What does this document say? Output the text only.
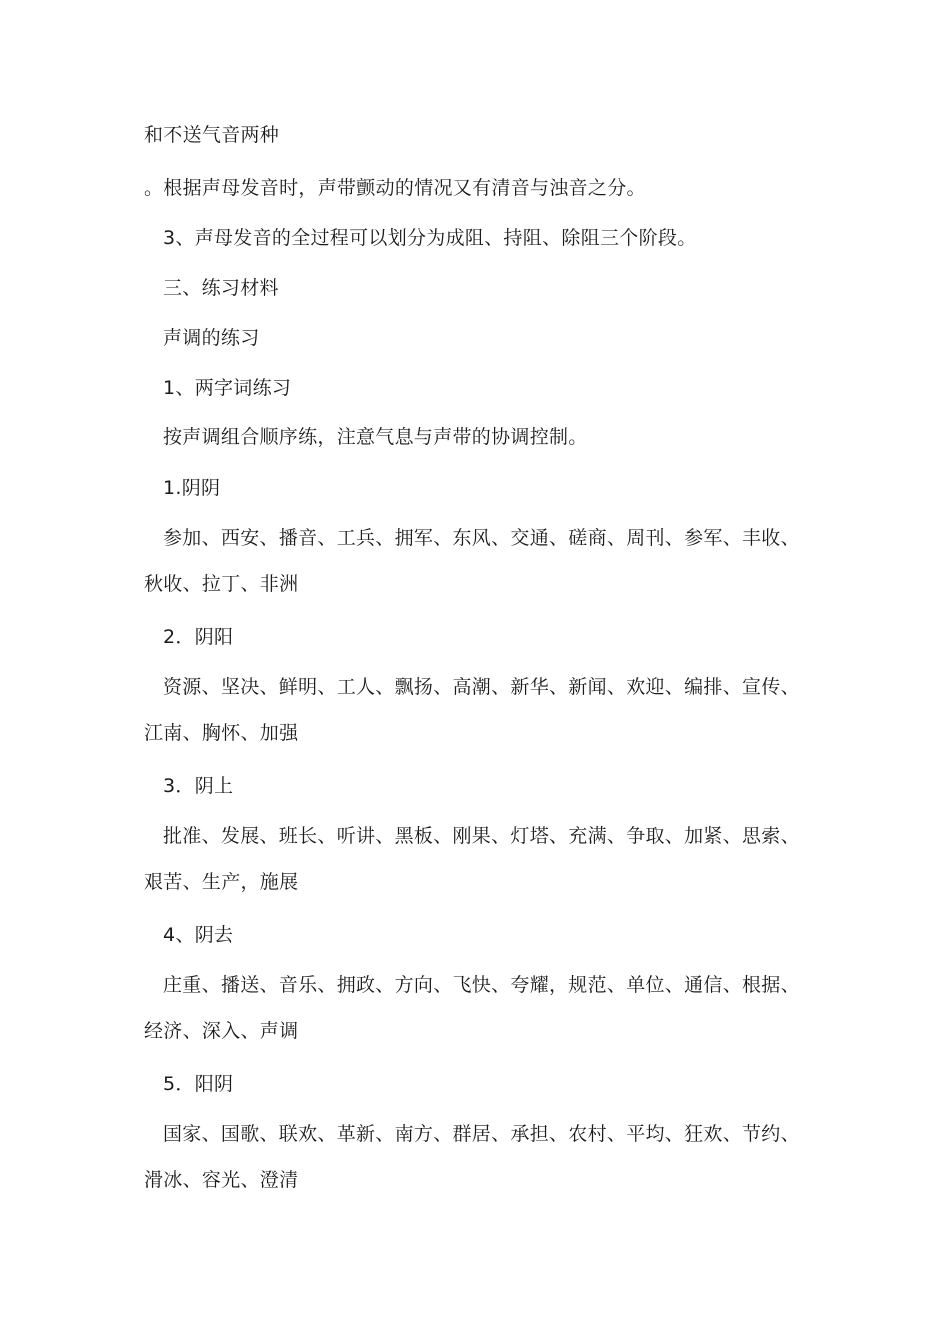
和不送气音两种

。根据声母发音时，声带颤动的情况又有清音与浊音之分。

3、声母发音的全过程可以划分为成阻、持阻、除阻三个阶段。

三、练习材料

声调的练习

1、两字词练习

按声调组合顺序练，注意气息与声带的协调控制。

1.阴阴

参加、西安、播音、工兵、拥军、东风、交通、磋商、周刊、参军、丰收、秋收、拉丁、非洲

2．阴阳

资源、坚决、鲜明、工人、飘扬、高潮、新华、新闻、欢迎、编排、宣传、江南、胸怀、加强

3．阴上

批准、发展、班长、听讲、黑板、刚果、灯塔、充满、争取、加紧、思索、艰苦、生产，施展

4、阴去

庄重、播送、音乐、拥政、方向、飞快、夸耀，规范、单位、通信、根据、经济、深入、声调

5．阳阴

国家、国歌、联欢、革新、南方、群居、承担、农村、平均、狂欢、节约、滑冰、容光、澄清
